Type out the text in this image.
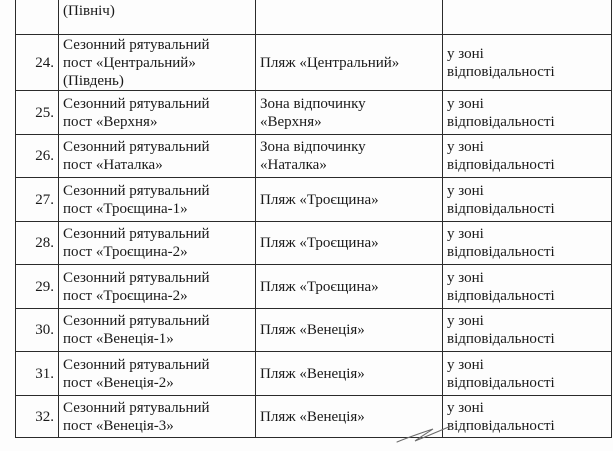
	(Північ)		
24.	Сезонний рятувальний
пост «Центральний»
(Південь)	Пляж «Центральний»	у зоні
відповідальності

25.	Сезонний рятувальний
пост «Верхня»	Зона відпочинку
«Верхня»	у зоні
відповідальності

26.	Сезонний рятувальний
пост «Наталка»	Зона відпочинку
«Наталка»	у зоні
відповідальності

27.	Сезонний рятувальний
пост «Троєщина-1»	Пляж «Троєщина»	у зоні
відповідальності

28.	Сезонний рятувальний
пост «Троєщина-2»	Пляж «Троєщина»	у зоні
відповідальності

29.	Сезонний рятувальний
пост «Троєщина-2»	Пляж «Троєщина»	у зоні
відповідальності

30.	Сезонний рятувальний
пост «Венеція-1»	Пляж «Венеція»	у зоні
відповідальності

31.	Сезонний рятувальний
пост «Венеція-2»	Пляж «Венеція»	у зоні
відповідальності

32.	Сезонний рятувальний
пост «Венеція-3»	Пляж «Венеція»	у зоні
відповідальності
